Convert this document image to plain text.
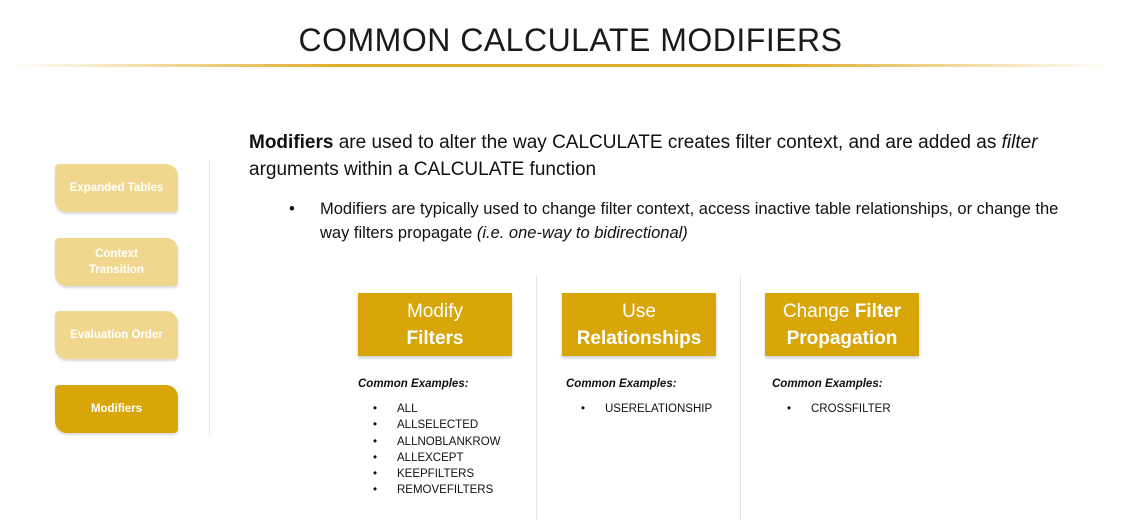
COMMON CALCULATE MODIFIERS
Expanded Tables
Context Transition
Evaluation Order
Modifiers
Modifiers are used to alter the way CALCULATE creates filter context, and are added as filter arguments within a CALCULATE function
• Modifiers are typically used to change filter context, access inactive table relationships, or change the way filters propagate (i.e. one-way to bidirectional)
Modify
Filters
Common Examples:
• ALL
• ALLSELECTED
• ALLNOBLANKROW
• ALLEXCEPT
• KEEPFILTERS
• REMOVEFILTERS
Use
Relationships
Common Examples:
• USERELATIONSHIP
Change Filter
Propagation
Common Examples:
• CROSSFILTER
